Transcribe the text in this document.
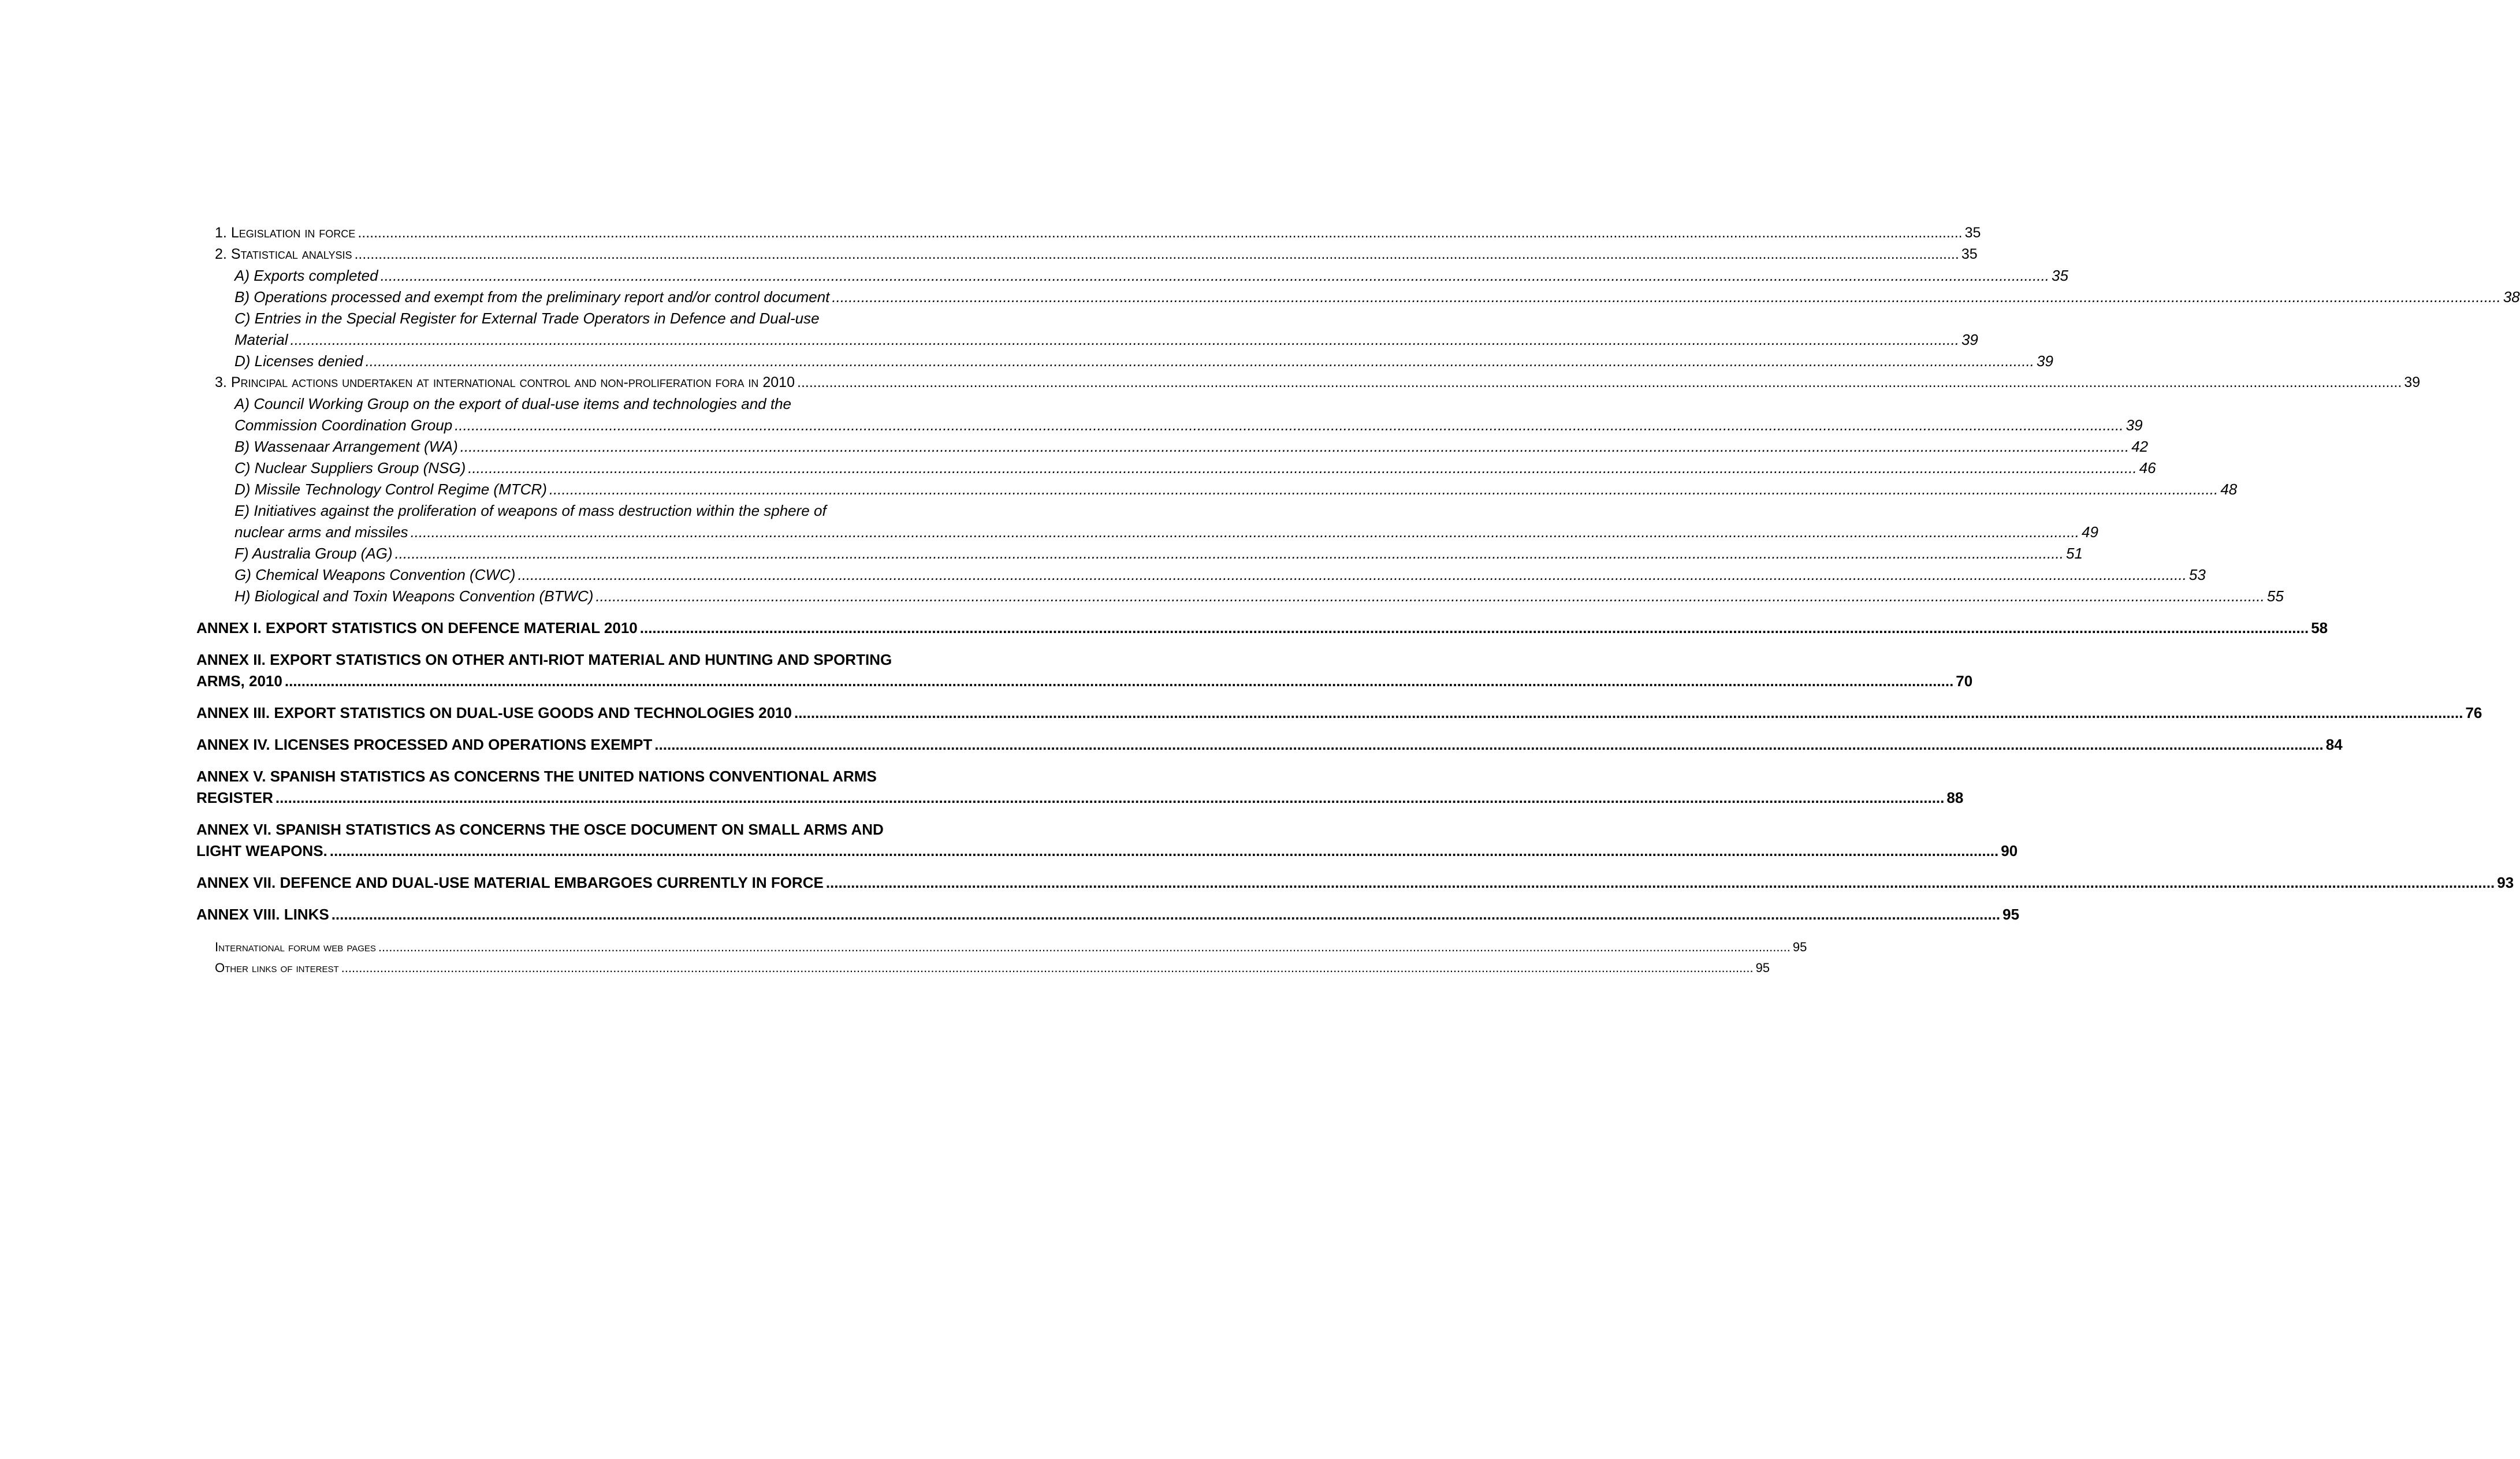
1. Legislation in force ................................................................................................................................................................................................................................................................................................................................................................................................................ 35
2. Statistical analysis ................................................................................................................................................................................................................................................................................................................................................................................................................ 35
A) Exports completed ................................................................................................................................................................................................................................................................................................................................................................................................................ 35
B) Operations processed and exempt from the preliminary report and/or control document ................................................................................................................................................................................................................................................................................................................................................................................................................ 38
C) Entries in the Special Register for External Trade Operators in Defence and Dual-use
Material ................................................................................................................................................................................................................................................................................................................................................................................................................ 39
D) Licenses denied ................................................................................................................................................................................................................................................................................................................................................................................................................ 39
3. Principal actions undertaken at international control and non-proliferation fora in 2010 ................................................................................................................................................................................................................................................................................................................................................................................................................ 39
A) Council Working Group on the export of dual-use items and technologies and the
Commission Coordination Group ................................................................................................................................................................................................................................................................................................................................................................................................................ 39
B) Wassenaar Arrangement (WA) ................................................................................................................................................................................................................................................................................................................................................................................................................ 42
C) Nuclear Suppliers Group (NSG) ................................................................................................................................................................................................................................................................................................................................................................................................................ 46
D) Missile Technology Control Regime (MTCR) ................................................................................................................................................................................................................................................................................................................................................................................................................ 48
E) Initiatives against the proliferation of weapons of mass destruction within the sphere of
nuclear arms and missiles ................................................................................................................................................................................................................................................................................................................................................................................................................ 49
F) Australia Group (AG) ................................................................................................................................................................................................................................................................................................................................................................................................................ 51
G) Chemical Weapons Convention (CWC) ................................................................................................................................................................................................................................................................................................................................................................................................................ 53
H) Biological and Toxin Weapons Convention (BTWC) ................................................................................................................................................................................................................................................................................................................................................................................................................ 55
ANNEX I. EXPORT STATISTICS ON DEFENCE MATERIAL 2010 ................................................................................................................................................................................................................................................................................................................................................................................................................ 58
ANNEX II. EXPORT STATISTICS ON OTHER ANTI-RIOT MATERIAL AND HUNTING AND SPORTING
ARMS, 2010 ................................................................................................................................................................................................................................................................................................................................................................................................................ 70
ANNEX III. EXPORT STATISTICS ON DUAL-USE GOODS AND TECHNOLOGIES 2010 ................................................................................................................................................................................................................................................................................................................................................................................................................ 76
ANNEX IV. LICENSES PROCESSED AND OPERATIONS EXEMPT ................................................................................................................................................................................................................................................................................................................................................................................................................ 84
ANNEX V. SPANISH STATISTICS AS CONCERNS THE UNITED NATIONS CONVENTIONAL ARMS
REGISTER ................................................................................................................................................................................................................................................................................................................................................................................................................ 88
ANNEX VI. SPANISH STATISTICS AS CONCERNS THE OSCE DOCUMENT ON SMALL ARMS AND
LIGHT WEAPONS. ................................................................................................................................................................................................................................................................................................................................................................................................................ 90
ANNEX VII. DEFENCE AND DUAL-USE MATERIAL EMBARGOES CURRENTLY IN FORCE ................................................................................................................................................................................................................................................................................................................................................................................................................ 93
ANNEX VIII. LINKS ................................................................................................................................................................................................................................................................................................................................................................................................................ 95
International forum web pages ................................................................................................................................................................................................................................................................................................................................................................................................................ 95
Other links of interest ................................................................................................................................................................................................................................................................................................................................................................................................................ 95
